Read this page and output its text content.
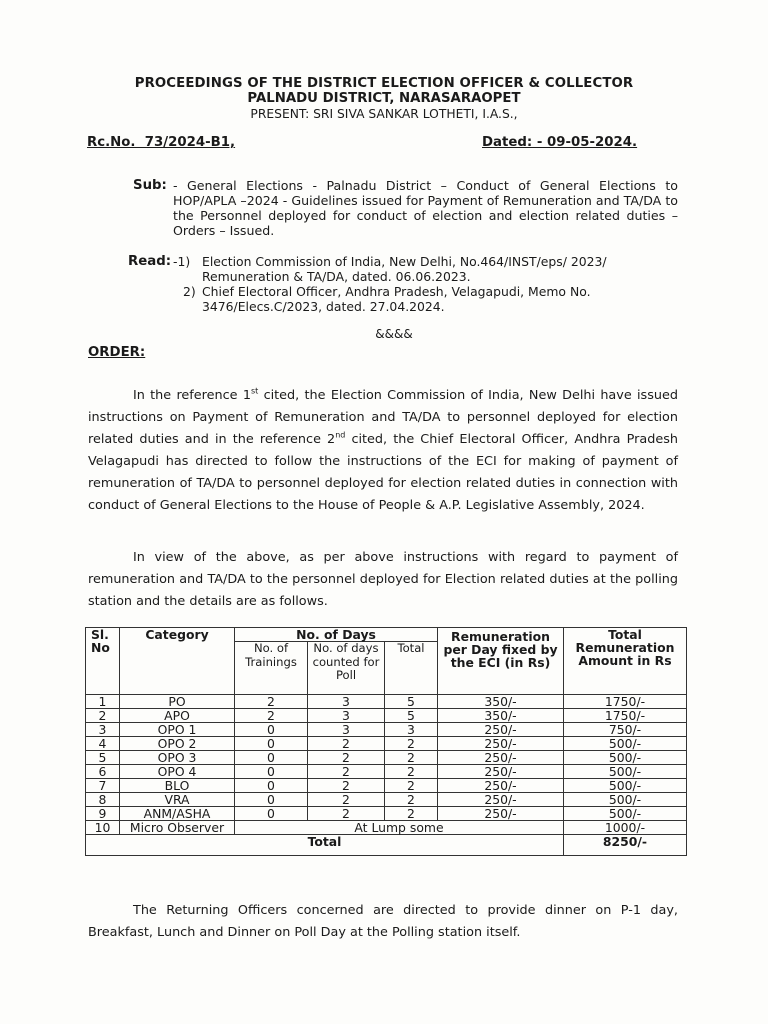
PROCEEDINGS OF THE DISTRICT ELECTION OFFICER & COLLECTOR
PALNADU DISTRICT, NARASARAOPET
PRESENT: SRI SIVA SANKAR LOTHETI, I.A.S.,
Rc.No.  73/2024-B1,	Dated: - 09-05-2024.
Sub: - General Elections - Palnadu District – Conduct of General Elections to HOP/APLA –2024 - Guidelines issued for Payment of Remuneration and TA/DA to the Personnel deployed for conduct of election and election related duties – Orders – Issued.
Read: -1) Election Commission of India, New Delhi, No.464/INST/eps/ 2023/
Remuneration & TA/DA, dated. 06.06.2023.
2) Chief Electoral Officer, Andhra Pradesh, Velagapudi, Memo No.
3476/Elecs.C/2023, dated. 27.04.2024.
&&&&
ORDER:
In the reference 1st cited, the Election Commission of India, New Delhi have issued instructions on Payment of Remuneration and TA/DA to personnel deployed for election related duties and in the reference 2nd cited, the Chief Electoral Officer, Andhra Pradesh Velagapudi has directed to follow the instructions of the ECI for making of payment of remuneration of TA/DA to personnel deployed for election related duties in connection with conduct of General Elections to the House of People & A.P. Legislative Assembly, 2024.
In view of the above, as per above instructions with regard to payment of remuneration and TA/DA to the personnel deployed for Election related duties at the polling station and the details are as follows.
Sl. No	Category	No. of Days			Remuneration per Day fixed by the ECI (in Rs)	Total Remuneration Amount in Rs
		No. of Trainings	No. of days counted for Poll	Total		
1	PO	2	3	5	350/-	1750/-
2	APO	2	3	5	350/-	1750/-
3	OPO 1	0	3	3	250/-	750/-
4	OPO 2	0	2	2	250/-	500/-
5	OPO 3	0	2	2	250/-	500/-
6	OPO 4	0	2	2	250/-	500/-
7	BLO	0	2	2	250/-	500/-
8	VRA	0	2	2	250/-	500/-
9	ANM/ASHA	0	2	2	250/-	500/-
10	Micro Observer	At Lump some				1000/-
Total						8250/-
The Returning Officers concerned are directed to provide dinner on P-1 day, Breakfast, Lunch and Dinner on Poll Day at the Polling station itself.
